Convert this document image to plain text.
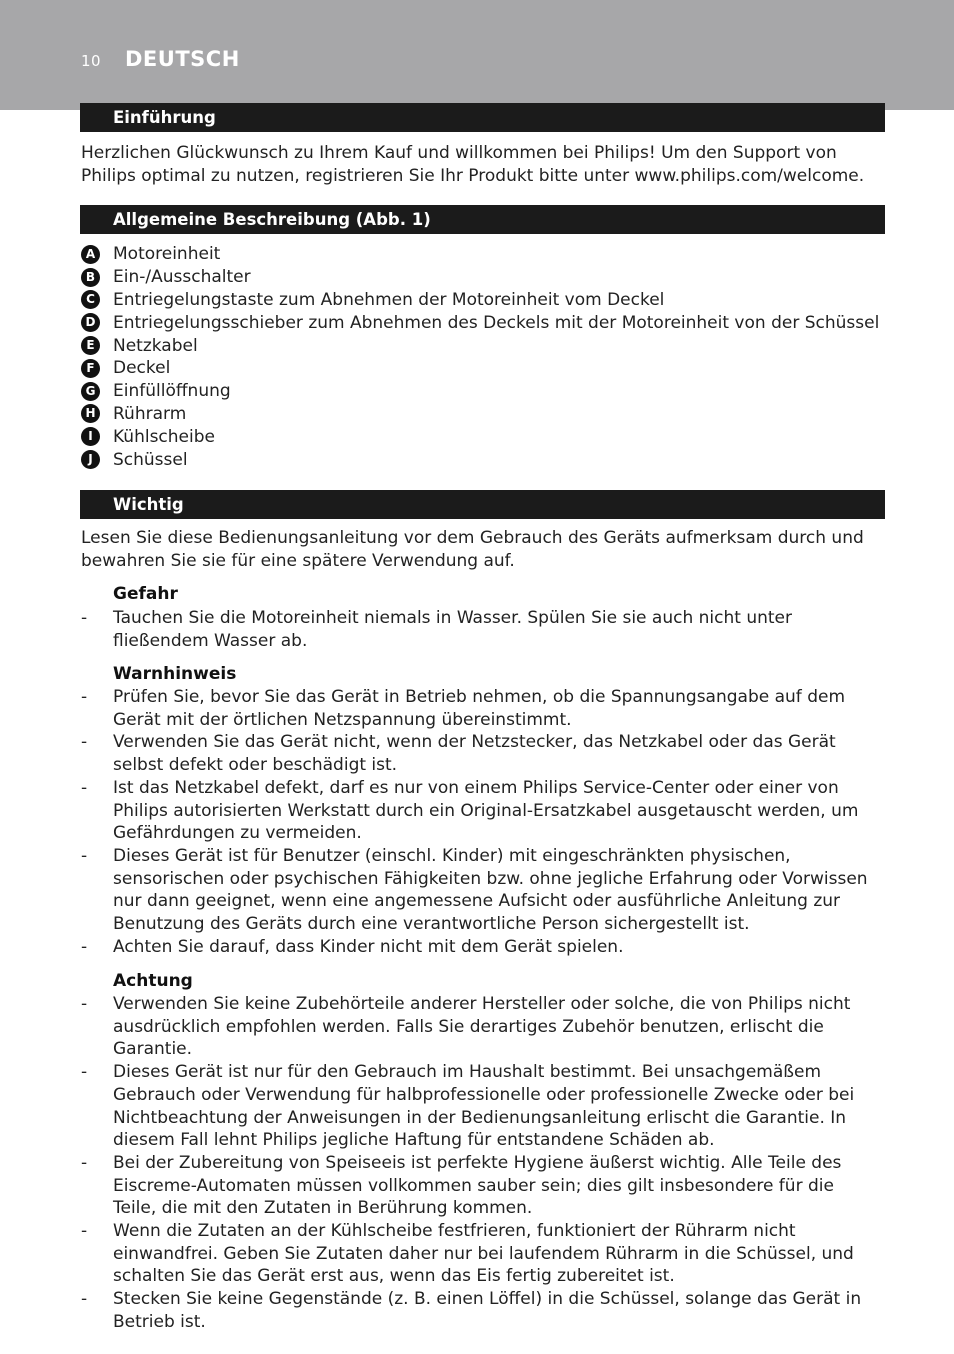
10 DEUTSCH
Einführung
Herzlichen Glückwunsch zu Ihrem Kauf und willkommen bei Philips! Um den Support von Philips optimal zu nutzen, registrieren Sie Ihr Produkt bitte unter www.philips.com/welcome.
Allgemeine Beschreibung (Abb. 1)
A Motoreinheit
B Ein-/Ausschalter
C Entriegelungstaste zum Abnehmen der Motoreinheit vom Deckel
D Entriegelungsschieber zum Abnehmen des Deckels mit der Motoreinheit von der Schüssel
E	Netzkabel
F	Deckel
G Einfüllöffnung
H Rührarm
I	Kühlscheibe
J	Schüssel
Wichtig
Lesen Sie diese Bedienungsanleitung vor dem Gebrauch des Geräts aufmerksam durch und bewahren Sie sie für eine spätere Verwendung auf.
Gefahr
-	Tauchen Sie die Motoreinheit niemals in Wasser. Spülen Sie sie auch nicht unter fließendem Wasser ab.
Warnhinweis
-	Prüfen Sie, bevor Sie das Gerät in Betrieb nehmen, ob die Spannungsangabe auf dem Gerät mit der örtlichen Netzspannung übereinstimmt.
-	Verwenden Sie das Gerät nicht, wenn der Netzstecker, das Netzkabel oder das Gerät selbst defekt oder beschädigt ist.
-	Ist das Netzkabel defekt, darf es nur von einem Philips Service-Center oder einer von Philips autorisierten Werkstatt durch ein Original-Ersatzkabel ausgetauscht werden, um Gefährdungen zu vermeiden.
-	Dieses Gerät ist für Benutzer (einschl. Kinder) mit eingeschränkten physischen, sensorischen oder psychischen Fähigkeiten bzw. ohne jegliche Erfahrung oder Vorwissen nur dann geeignet, wenn eine angemessene Aufsicht oder ausführliche Anleitung zur Benutzung des Geräts durch eine verantwortliche Person sichergestellt ist.
-	Achten Sie darauf, dass Kinder nicht mit dem Gerät spielen.
Achtung
-	Verwenden Sie keine Zubehörteile anderer Hersteller oder solche, die von Philips nicht ausdrücklich empfohlen werden. Falls Sie derartiges Zubehör benutzen, erlischt die Garantie.
-	Dieses Gerät ist nur für den Gebrauch im Haushalt bestimmt. Bei unsachgemäßem Gebrauch oder Verwendung für halbprofessionelle oder professionelle Zwecke oder bei Nichtbeachtung der Anweisungen in der Bedienungsanleitung erlischt die Garantie. In diesem Fall lehnt Philips jegliche Haftung für entstandene Schäden ab.
-	Bei der Zubereitung von Speiseeis ist perfekte Hygiene äußerst wichtig. Alle Teile des Eiscreme-Automaten müssen vollkommen sauber sein; dies gilt insbesondere für die Teile, die mit den Zutaten in Berührung kommen.
-	Wenn die Zutaten an der Kühlscheibe festfrieren, funktioniert der Rührarm nicht einwandfrei. Geben Sie Zutaten daher nur bei laufendem Rührarm in die Schüssel, und schalten Sie das Gerät erst aus, wenn das Eis fertig zubereitet ist.
-	Stecken Sie keine Gegenstände (z. B. einen Löffel) in die Schüssel, solange das Gerät in Betrieb ist.
